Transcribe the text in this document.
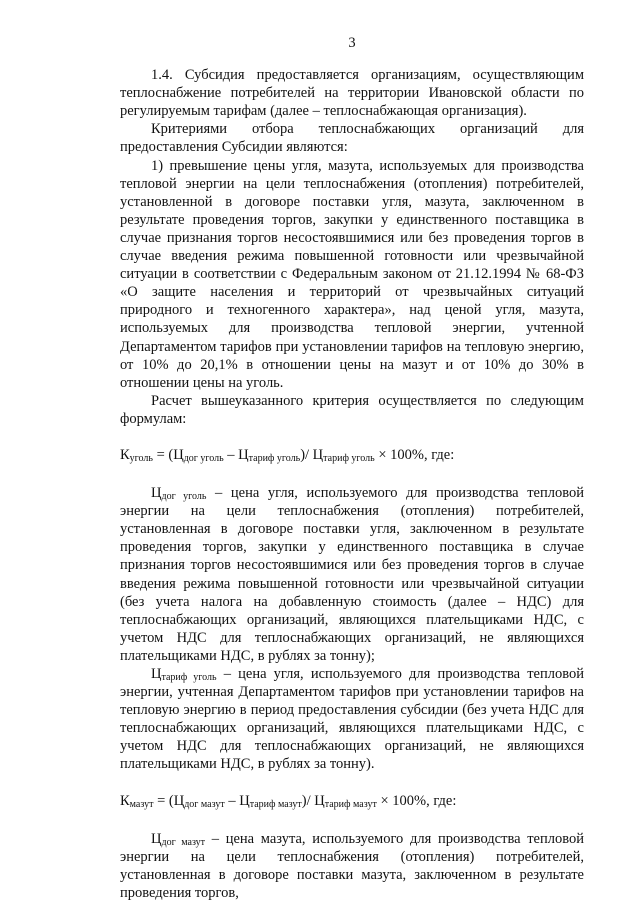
3

1.4. Субсидия предоставляется организациям, осуществляющим теплоснабжение потребителей на территории Ивановской области по регулируемым тарифам (далее – теплоснабжающая организация).

Критериями отбора теплоснабжающих организаций для предоставления Субсидии являются:

1) превышение цены угля, мазута, используемых для производства тепловой энергии на цели теплоснабжения (отопления) потребителей, установленной в договоре поставки угля, мазута, заключенном в результате проведения торгов, закупки у единственного поставщика в случае признания торгов несостоявшимися или без проведения торгов в случае введения режима повышенной готовности или чрезвычайной ситуации в соответствии с Федеральным законом от 21.12.1994 № 68-ФЗ «О защите населения и территорий от чрезвычайных ситуаций природного и техногенного характера», над ценой угля, мазута, используемых для производства тепловой энергии, учтенной Департаментом тарифов при установлении тарифов на тепловую энергию, от 10% до 20,1% в отношении цены на мазут и от 10% до 30% в отношении цены на уголь.

Расчет вышеуказанного критерия осуществляется по следующим формулам:

$К_{уголь} = (Ц_{дог уголь} - Ц_{тариф уголь})/$ $Ц_{тариф уголь} \times 100\%$, где:

$Ц_{дог уголь}$ – цена угля, используемого для производства тепловой энергии на цели теплоснабжения (отопления) потребителей, установленная в договоре поставки угля, заключенном в результате проведения торгов, закупки у единственного поставщика в случае признания торгов несостоявшимися или без проведения торгов в случае введения режима повышенной готовности или чрезвычайной ситуации (без учета налога на добавленную стоимость (далее – НДС) для теплоснабжающих организаций, являющихся плательщиками НДС, с учетом НДС для теплоснабжающих организаций, не являющихся плательщиками НДС, в рублях за тонну);

$Ц_{тариф уголь}$ – цена угля, используемого для производства тепловой энергии, учтенная Департаментом тарифов при установлении тарифов на тепловую энергию в период предоставления субсидии (без учета НДС для теплоснабжающих организаций, являющихся плательщиками НДС, с учетом НДС для теплоснабжающих организаций, не являющихся плательщиками НДС, в рублях за тонну).

$К_{мазут} = (Ц_{дог мазут} - Ц_{тариф мазут})/$ $Ц_{тариф мазут} \times 100\%$, где:

$Ц_{дог мазут}$ – цена мазута, используемого для производства тепловой энергии на цели теплоснабжения (отопления) потребителей, установленная в договоре поставки мазута, заключенном в результате проведения торгов,
